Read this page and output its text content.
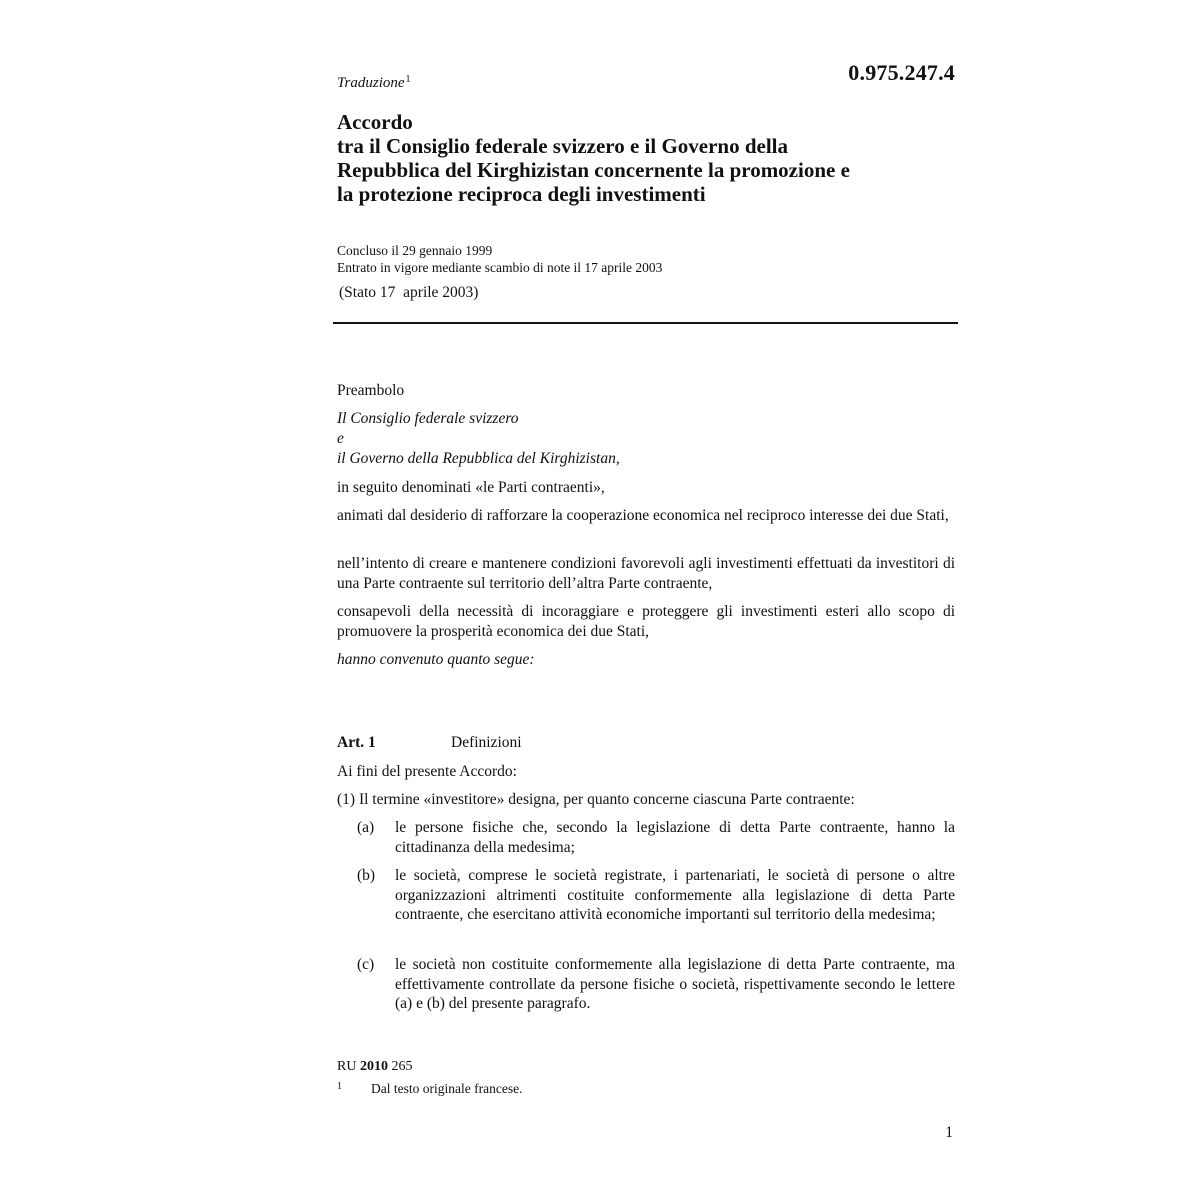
0.975.247.4
Traduzione$^1$
Accordo
tra il Consiglio federale svizzero e il Governo della
Repubblica del Kirghizistan concernente la promozione e
la protezione reciproca degli investimenti
Concluso il 29 gennaio 1999
Entrato in vigore mediante scambio di note il 17 aprile 2003
(Stato 17  aprile 2003)
Preambolo
Il Consiglio federale svizzero
e
il Governo della Repubblica del Kirghizistan,
in seguito denominati «le Parti contraenti»,
animati dal desiderio di rafforzare la cooperazione economica nel reciproco interesse dei due Stati,
nell’intento di creare e mantenere condizioni favorevoli agli investimenti effettuati da investitori di una Parte contraente sul territorio dell’altra Parte contraente,
consapevoli della necessità di incoraggiare e proteggere gli investimenti esteri allo scopo di promuovere la prosperità economica dei due Stati,
hanno convenuto quanto segue:
Art. 1	Definizioni
Ai fini del presente Accordo:
(1) Il termine «investitore» designa, per quanto concerne ciascuna Parte contraente:
(a) le persone fisiche che, secondo la legislazione di detta Parte contraente, hanno la cittadinanza della medesima;
(b) le società, comprese le società registrate, i partenariati, le società di persone o altre organizzazioni altrimenti costituite conformemente alla legislazione di detta Parte contraente, che esercitano attività economiche importanti sul territorio della medesima;
(c) le società non costituite conformemente alla legislazione di detta Parte contraente, ma effettivamente controllate da persone fisiche o società, rispettivamente secondo le lettere (a) e (b) del presente paragrafo.
RU 2010 265
1 Dal testo originale francese.
1
